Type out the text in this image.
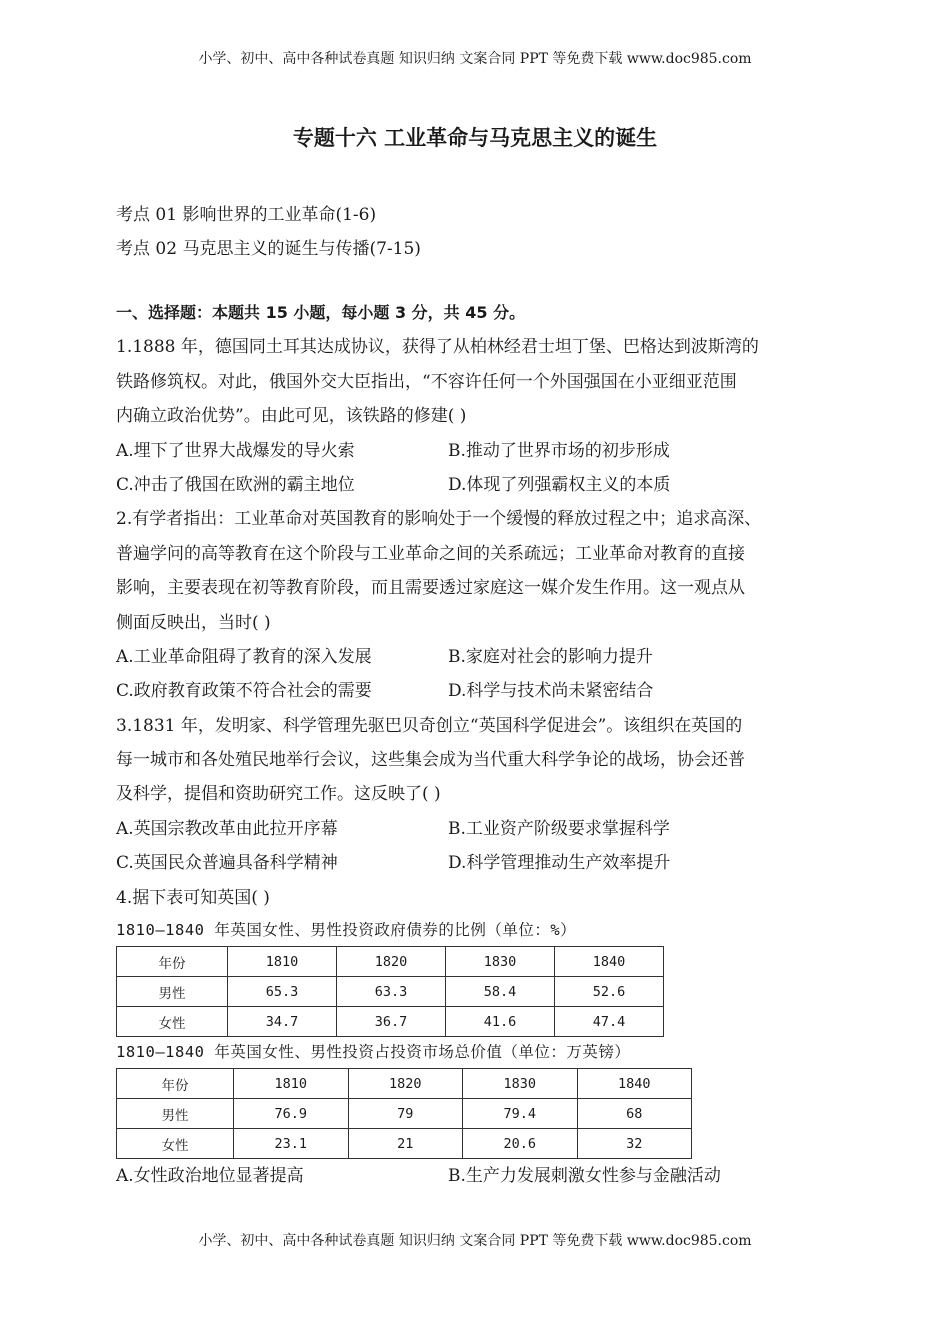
小学、初中、高中各种试卷真题 知识归纳 文案合同 PPT 等免费下载 www.doc985.com
专题十六 工业革命与马克思主义的诞生
考点 01 影响世界的工业革命(1-6)
考点 02 马克思主义的诞生与传播(7-15)
一、选择题：本题共 15 小题，每小题 3 分，共 45 分。
1.1888 年，德国同土耳其达成协议，获得了从柏林经君士坦丁堡、巴格达到波斯湾的
铁路修筑权。对此，俄国外交大臣指出，“不容许任何一个外国强国在小亚细亚范围
内确立政治优势”。由此可见，该铁路的修建( )
A.埋下了世界大战爆发的导火索	B.推动了世界市场的初步形成
C.冲击了俄国在欧洲的霸主地位	D.体现了列强霸权主义的本质
2.有学者指出：工业革命对英国教育的影响处于一个缓慢的释放过程之中；追求高深、
普遍学问的高等教育在这个阶段与工业革命之间的关系疏远；工业革命对教育的直接
影响，主要表现在初等教育阶段，而且需要透过家庭这一媒介发生作用。这一观点从
侧面反映出，当时( )
A.工业革命阻碍了教育的深入发展	B.家庭对社会的影响力提升
C.政府教育政策不符合社会的需要	D.科学与技术尚未紧密结合
3.1831 年，发明家、科学管理先驱巴贝奇创立“英国科学促进会”。该组织在英国的
每一城市和各处殖民地举行会议，这些集会成为当代重大科学争论的战场，协会还普
及科学，提倡和资助研究工作。这反映了( )
A.英国宗教改革由此拉开序幕	B.工业资产阶级要求掌握科学
C.英国民众普遍具备科学精神	D.科学管理推动生产效率提升
4.据下表可知英国( )
1810—1840 年英国女性、男性投资政府债券的比例（单位：%）
年份	1810	1820	1830	1840
男性	65.3	63.3	58.4	52.6
女性	34.7	36.7	41.6	47.4
1810—1840 年英国女性、男性投资占投资市场总价值（单位：万英镑）
年份	1810	1820	1830	1840
男性	76.9	79	79.4	68
女性	23.1	21	20.6	32
A.女性政治地位显著提高	B.生产力发展刺激女性参与金融活动
小学、初中、高中各种试卷真题 知识归纳 文案合同 PPT 等免费下载 www.doc985.com
